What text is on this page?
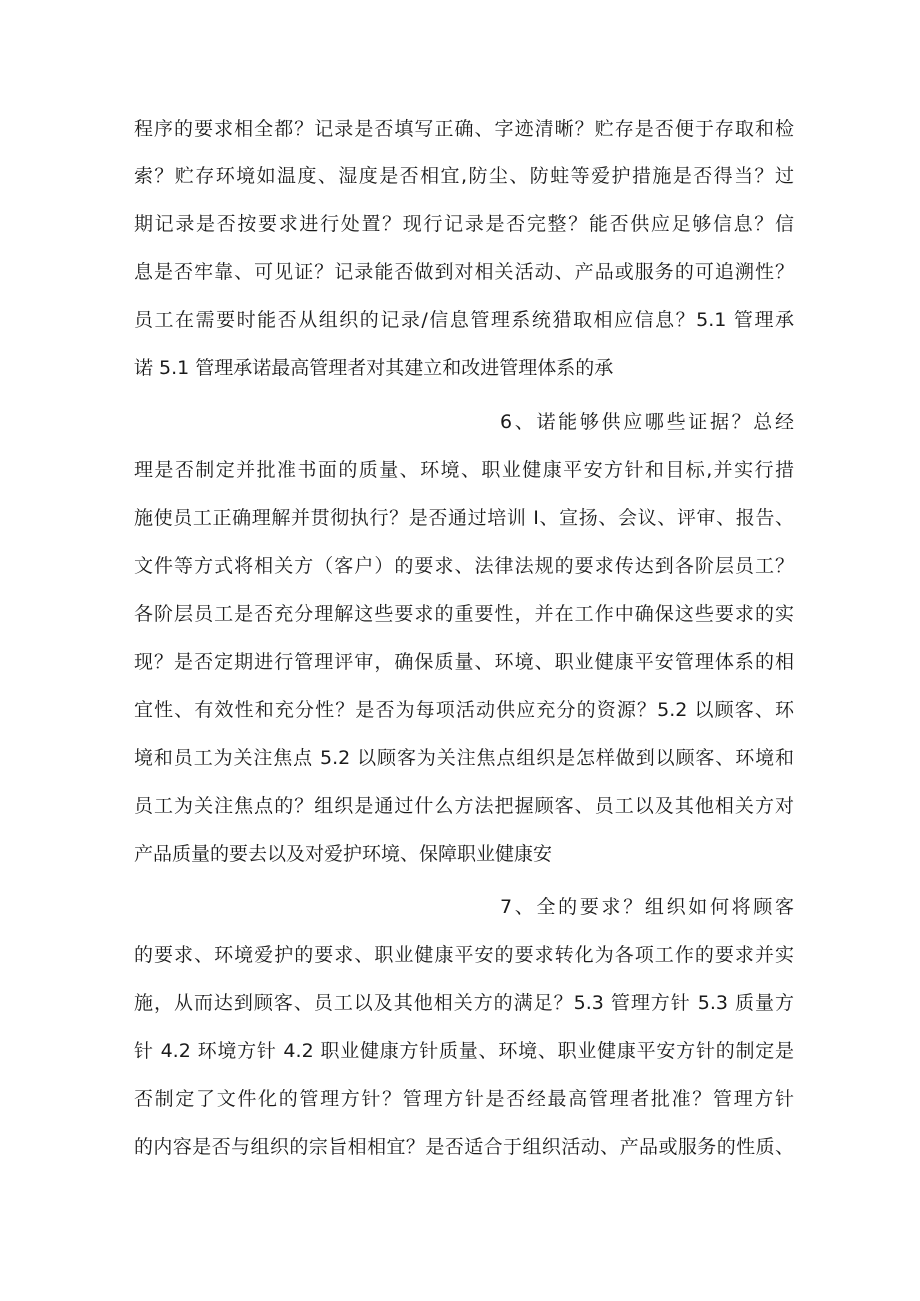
程序的要求相全都？记录是否填写正确、字迹清晰？贮存是否便于存取和检
索？贮存环境如温度、湿度是否相宜,防尘、防蛀等爱护措施是否得当？过
期记录是否按要求进行处置？现行记录是否完整？能否供应足够信息？信
息是否牢靠、可见证？记录能否做到对相关活动、产品或服务的可追溯性？
员工在需要时能否从组织的记录/信息管理系统猎取相应信息？5.1 管理承
诺 5.1 管理承诺最高管理者对其建立和改进管理体系的承
6、诺能够供应哪些证据？总经
理是否制定并批准书面的质量、环境、职业健康平安方针和目标,并实行措
施使员工正确理解并贯彻执行？是否通过培训 I、宣扬、会议、评审、报告、
文件等方式将相关方（客户）的要求、法律法规的要求传达到各阶层员工？
各阶层员工是否充分理解这些要求的重要性，并在工作中确保这些要求的实
现？是否定期进行管理评审，确保质量、环境、职业健康平安管理体系的相
宜性、有效性和充分性？是否为每项活动供应充分的资源？5.2 以顾客、环
境和员工为关注焦点 5.2 以顾客为关注焦点组织是怎样做到以顾客、环境和
员工为关注焦点的？组织是通过什么方法把握顾客、员工以及其他相关方对
产品质量的要去以及对爱护环境、保障职业健康安
7、全的要求？组织如何将顾客
的要求、环境爱护的要求、职业健康平安的要求转化为各项工作的要求并实
施，从而达到顾客、员工以及其他相关方的满足？5.3 管理方针 5.3 质量方
针 4.2 环境方针 4.2 职业健康方针质量、环境、职业健康平安方针的制定是
否制定了文件化的管理方针？管理方针是否经最高管理者批准？管理方针
的内容是否与组织的宗旨相相宜？是否适合于组织活动、产品或服务的性质、
